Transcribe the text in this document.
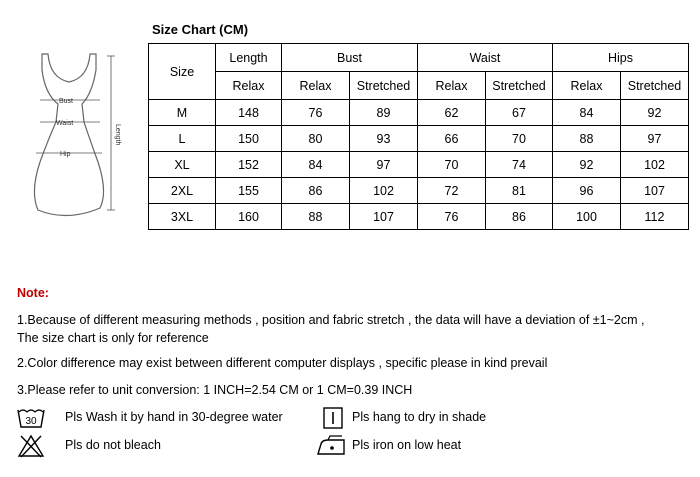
Size Chart (CM)
Bust
Waist
Hip
Length
Size	Length	Bust		Waist		Hips	
	Relax	Relax	Stretched	Relax	Stretched	Relax	Stretched
M	148	76	89	62	67	84	92
L	150	80	93	66	70	88	97
XL	152	84	97	70	74	92	102
2XL	155	86	102	72	81	96	107
3XL	160	88	107	76	86	100	112
Note:
1.Because of different measuring methods , position and fabric stretch , the data will have a deviation of ±1~2cm ,
The size chart is only for reference
2.Color difference may exist between different computer displays , specific please in kind prevail
3.Please refer to unit conversion: 1 INCH=2.54 CM or 1 CM=0.39 INCH
30 Pls Wash it by hand in 30-degree water	Pls hang to dry in shade
Pls do not bleach	Pls iron on low heat
